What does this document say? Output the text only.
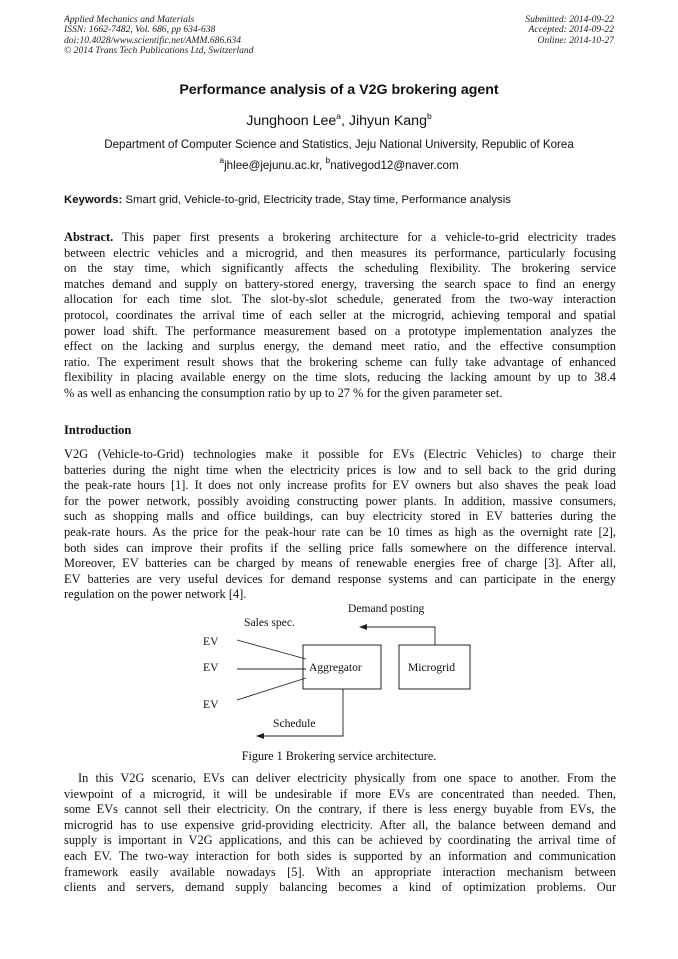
Applied Mechanics and Materials
ISSN: 1662-7482, Vol. 686, pp 634-638
doi:10.4028/www.scientific.net/AMM.686.634
© 2014 Trans Tech Publications Ltd, Switzerland
Submitted: 2014-09-22
Accepted: 2014-09-22
Online: 2014-10-27
Performance analysis of a V2G brokering agent
Junghoon Lee$^a$, Jihyun Kang$^b$
Department of Computer Science and Statistics, Jeju National University, Republic of Korea
$^a$jhlee@jejunu.ac.kr, $^b$nativegod12@naver.com
Keywords: Smart grid, Vehicle-to-grid, Electricity trade, Stay time, Performance analysis
Abstract. This paper first presents a brokering architecture for a vehicle-to-grid electricity trades
between electric vehicles and a microgrid, and then measures its performance, particularly focusing
on the stay time, which significantly affects the scheduling flexibility. The brokering service
matches demand and supply on battery-stored energy, traversing the search space to find an energy
allocation for each time slot. The slot-by-slot schedule, generated from the two-way interaction
protocol, coordinates the arrival time of each seller at the microgrid, achieving temporal and spatial
power load shift. The performance measurement based on a prototype implementation analyzes the
effect on the lacking and surplus energy, the demand meet ratio, and the effective consumption
ratio. The experiment result shows that the brokering scheme can fully take advantage of enhanced
flexibility in placing available energy on the time slots, reducing the lacking amount by up to 38.4
% as well as enhancing the consumption ratio by up to 27 % for the given parameter set.
Introduction
V2G (Vehicle-to-Grid) technologies make it possible for EVs (Electric Vehicles) to charge their
batteries during the night time when the electricity prices is low and to sell back to the grid during
the peak-rate hours [1]. It does not only increase profits for EV owners but also shaves the peak load
for the power network, possibly avoiding constructing power plants. In addition, massive consumers,
such as shopping malls and office buildings, can buy electricity stored in EV batteries during the
peak-rate hours. As the price for the peak-hour rate can be 10 times as high as the overnight rate [2],
both sides can improve their profits if the selling price falls somewhere on the difference interval.
Moreover, EV batteries can be charged by means of renewable energies free of charge [3]. After all,
EV batteries are very useful devices for demand response systems and can participate in the energy
regulation on the power network [4].
Demand posting
Sales spec.
EV
EV
EV
Aggregator	Microgrid
Schedule
Figure 1 Brokering service architecture.
In this V2G scenario, EVs can deliver electricity physically from one space to another. From the
viewpoint of a microgrid, it will be undesirable if more EVs are concentrated than needed. Then,
some EVs cannot sell their electricity. On the contrary, if there is less energy buyable from EVs, the
microgrid has to use expensive grid-providing electricity. After all, the balance between demand and
supply is important in V2G applications, and this can be achieved by coordinating the arrival time of
each EV. The two-way interaction for both sides is supported by an information and communication
framework easily available nowadays [5]. With an appropriate interaction mechanism between
clients and servers, demand supply balancing becomes a kind of optimization problems. Our
